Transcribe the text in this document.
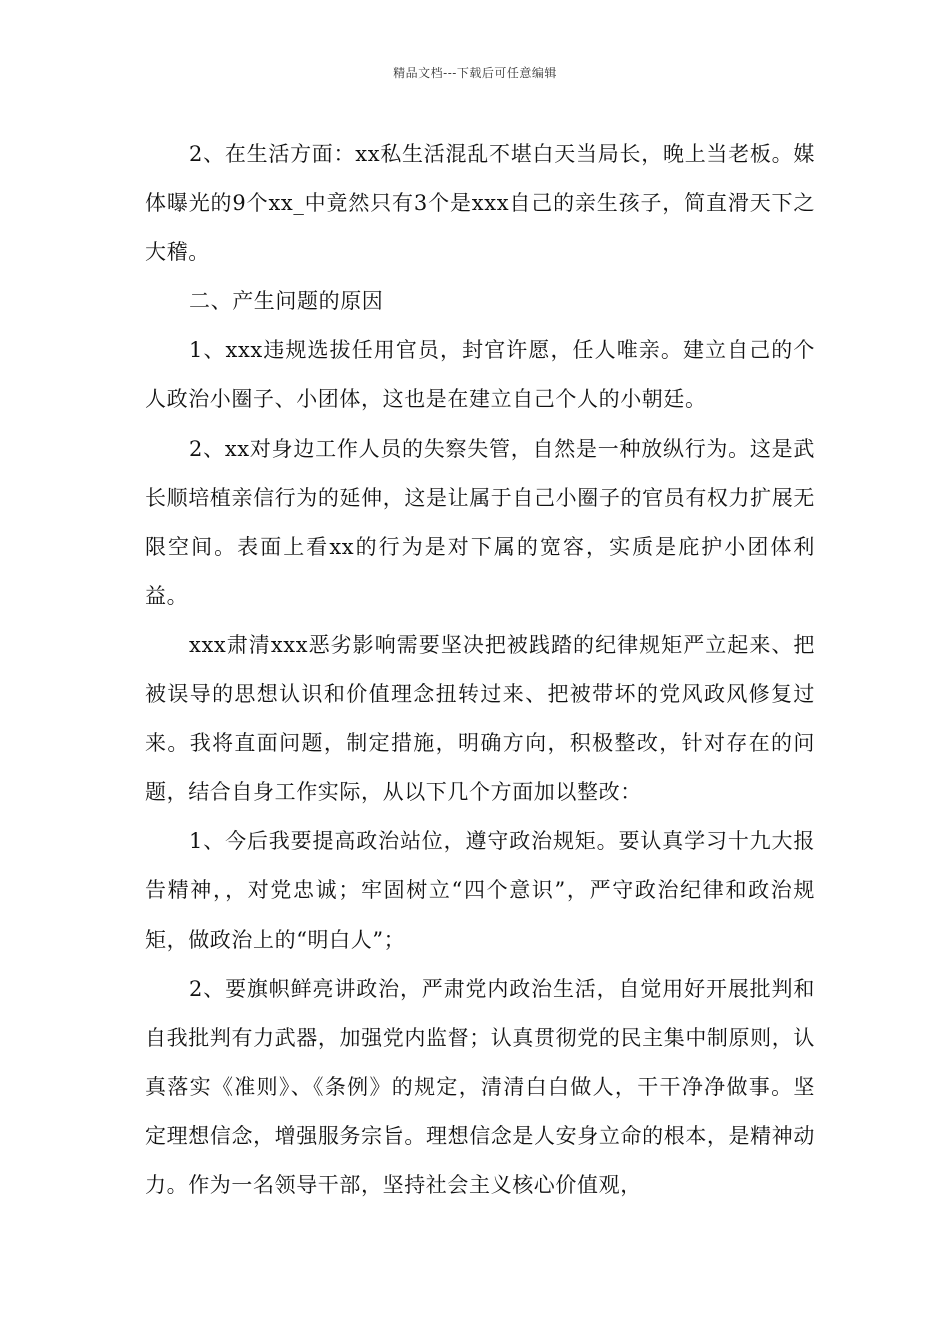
精品文档---下载后可任意编辑

2、在生活方面：xx私生活混乱不堪白天当局长，晚上当老板。媒体曝光的9个xx_中竟然只有3个是xxx自己的亲生孩子，简直滑天下之大稽。

二、产生问题的原因

1、xxx违规选拔任用官员，封官许愿，任人唯亲。建立自己的个人政治小圈子、小团体，这也是在建立自己个人的小朝廷。

2、xx对身边工作人员的失察失管，自然是一种放纵行为。这是武长顺培植亲信行为的延伸，这是让属于自己小圈子的官员有权力扩展无限空间。表面上看xx的行为是对下属的宽容，实质是庇护小团体利益。

xxx肃清xxx恶劣影响需要坚决把被践踏的纪律规矩严立起来、把被误导的思想认识和价值理念扭转过来、把被带坏的党风政风修复过来。我将直面问题，制定措施，明确方向，积极整改，针对存在的问题，结合自身工作实际，从以下几个方面加以整改：

1、今后我要提高政治站位，遵守政治规矩。要认真学习十九大报告精神，，对党忠诚；牢固树立“四个意识”，严守政治纪律和政治规矩，做政治上的“明白人”；

2、要旗帜鲜亮讲政治，严肃党内政治生活，自觉用好开展批判和自我批判有力武器，加强党内监督；认真贯彻党的民主集中制原则，认真落实《准则》、《条例》的规定，清清白白做人，干干净净做事。坚定理想信念，增强服务宗旨。理想信念是人安身立命的根本，是精神动力。作为一名领导干部，坚持社会主义核心价值观，
